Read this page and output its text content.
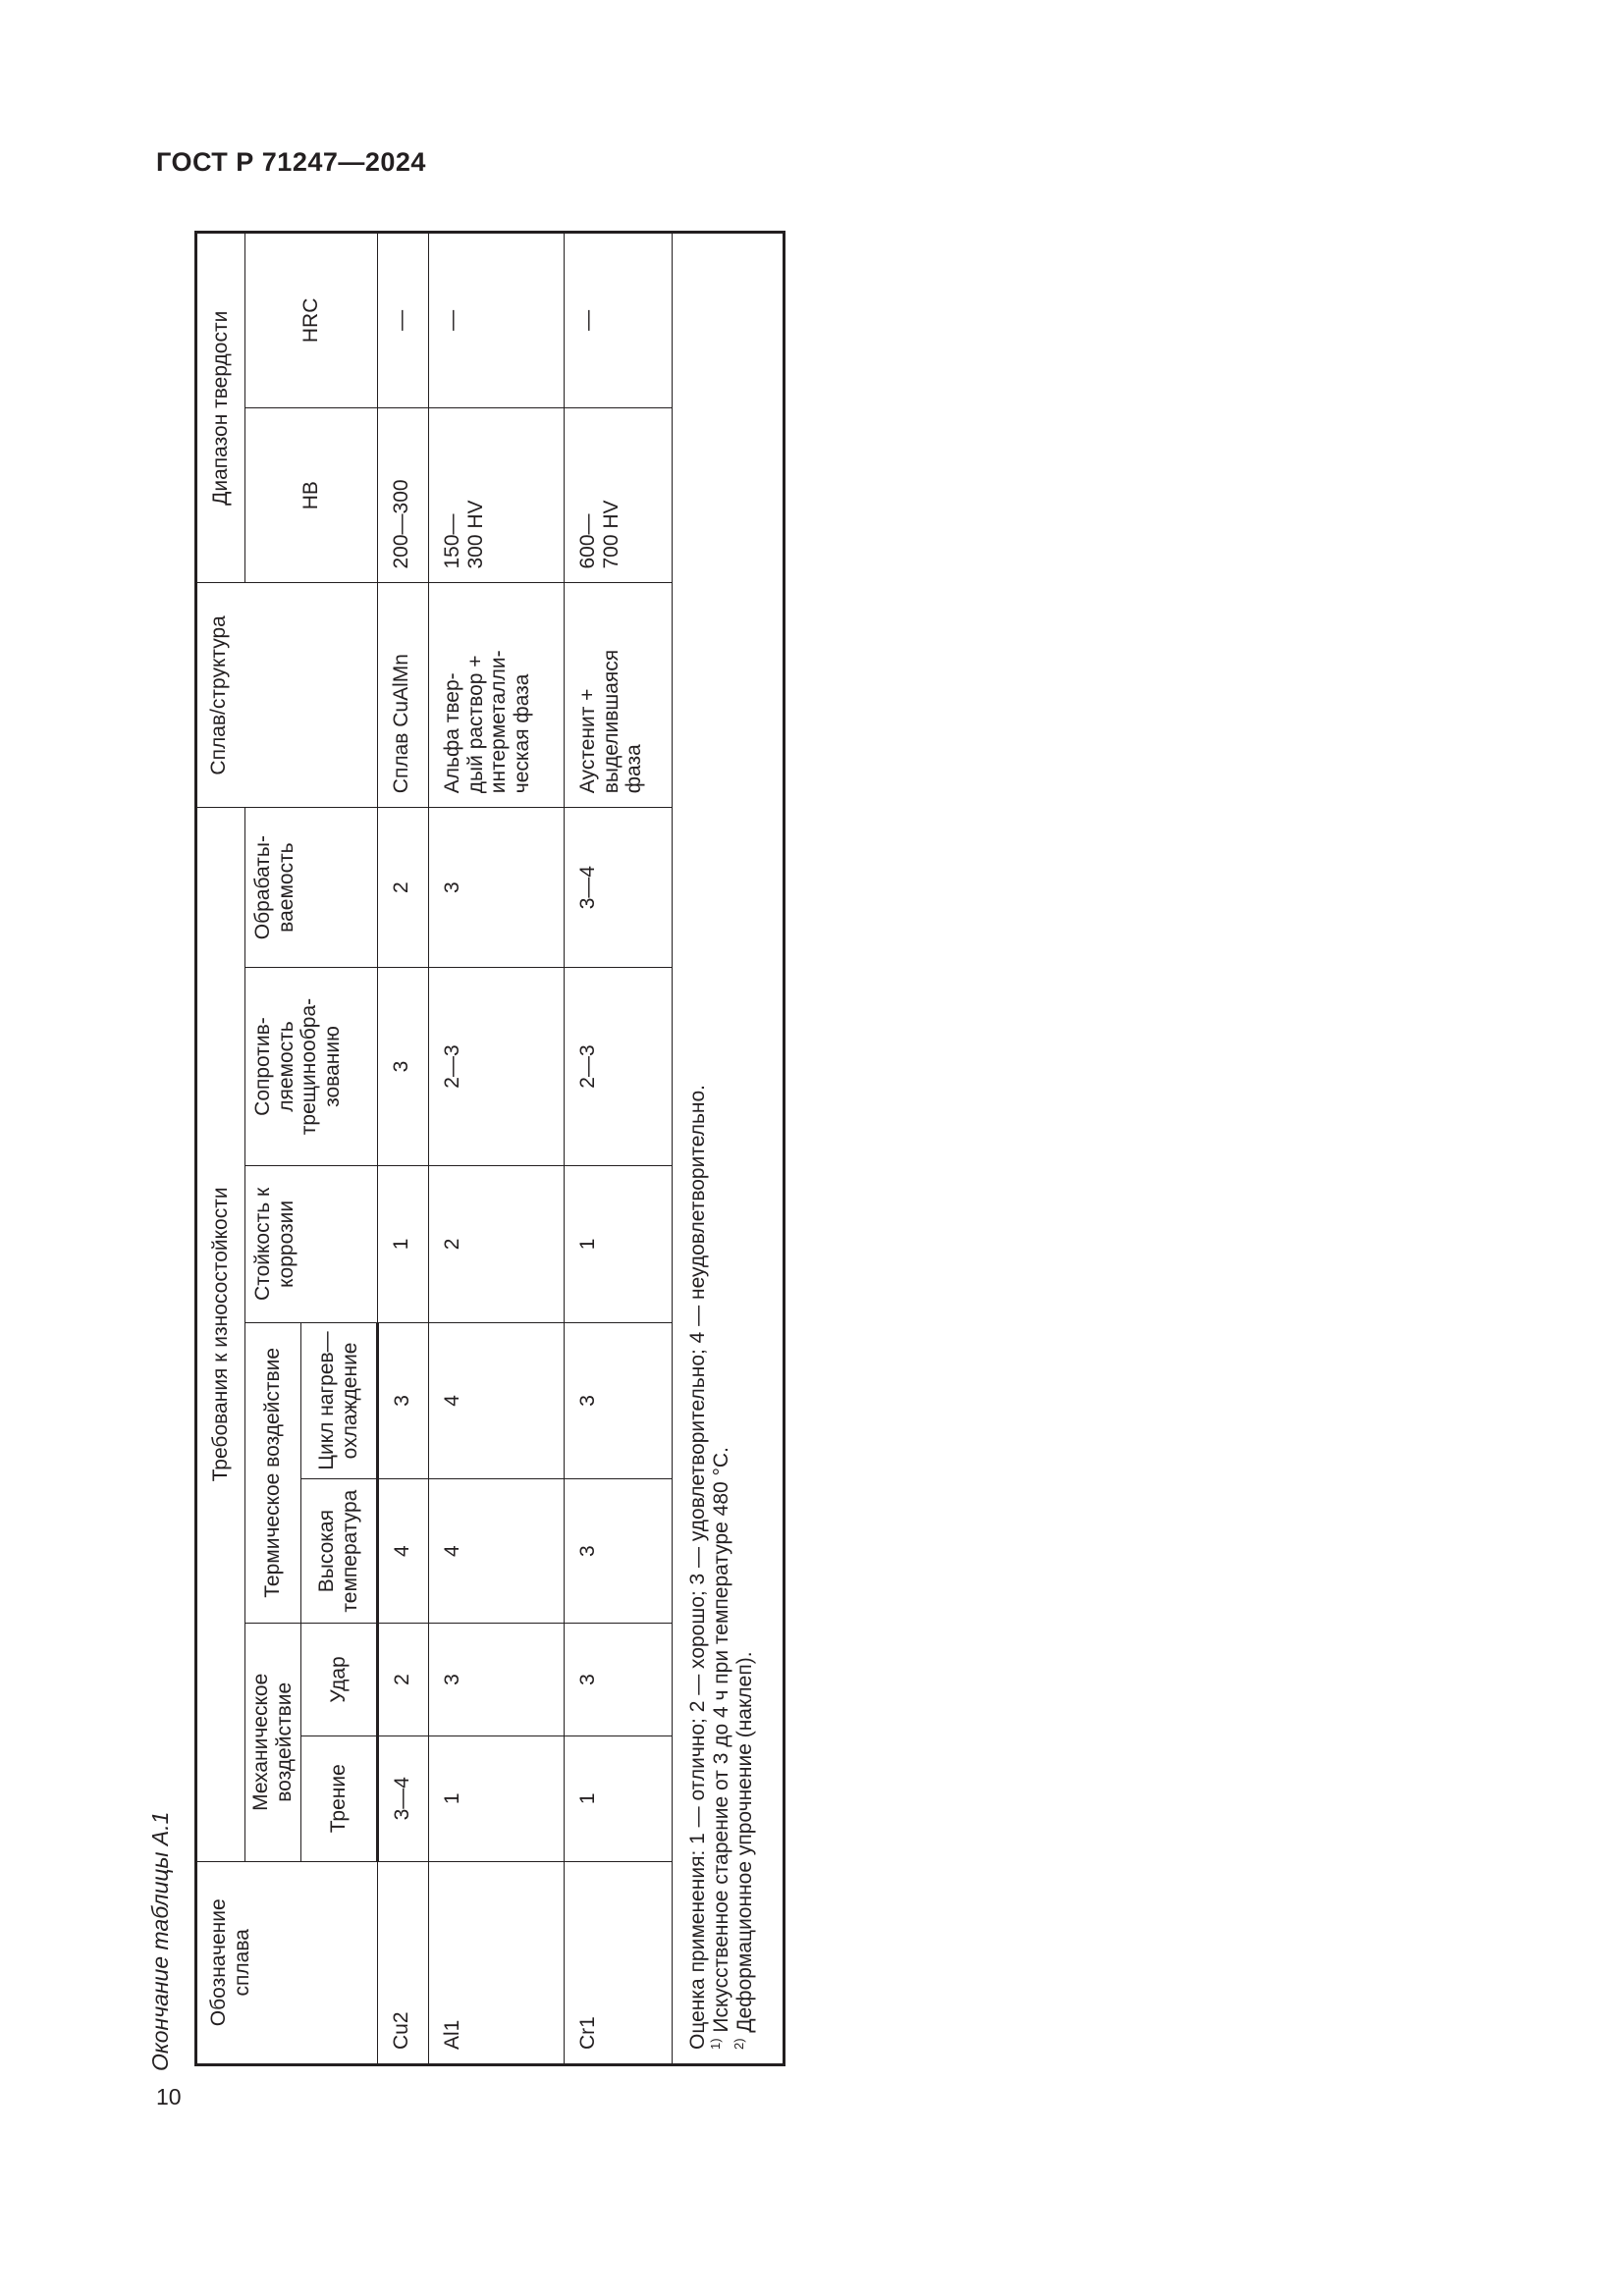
ГОСТ Р 71247—2024
10
Окончание таблицы А.1 Обозначение
сплава	Требования к износостойкости							Сплав/структура	Диапазон твердости	
	Механическое
воздействие		Термическое воздействие		Стойкость к
коррозии	Сопротив-
ляемость
трещинообра-
зованию	Обрабаты-
ваемость		HB	HRC
	Трение	Удар	Высокая
температура	Цикл нагрев—
охлаждение						
Cu2	3—4	2	4	3	1	3	2	Сплав CuAlMn	200—300	—
Al1	1	3	4	4	2	2—3	3	Альфа твер-
дый раствор +
интерметалли-
ческая фаза	150—
300 HV	—
Cr1	1	3	3	3	1	2—3	3—4	Аустенит +
выделившаяся
фаза	600—
700 HV	—

Оценка применения: 1 — отлично; 2 — хорошо; 3 — удовлетворительно; 4 — неудовлетворительно. $^{1)}$ Искусственное старение от 3 до 4 ч при температуре 480 °С.
$^{2)}$ Деформационное упрочнение (наклеп).										
